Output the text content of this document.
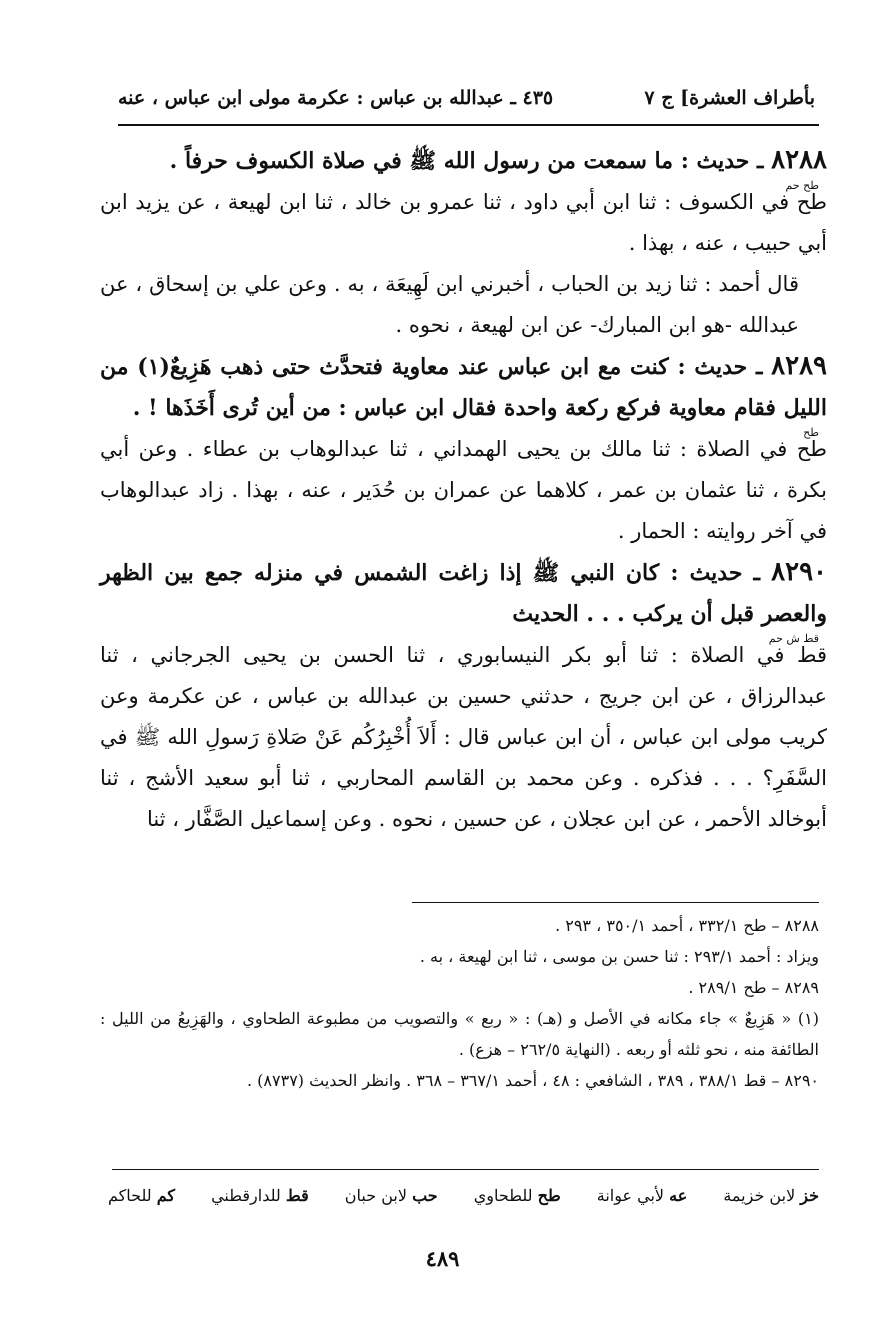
بأطراف العشرة] ج ٧
٤٣٥ ـ عبدالله بن عباس : عكرمة مولى ابن عباس ، عنه

٨٢٨٨ ـ حديث : ما سمعت من رسول الله ﷺ في صلاة الكسوف حرفاً .

طح حم

طح في الكسوف : ثنا ابن أبي داود ، ثنا عمرو بن خالد ، ثنا ابن لهيعة ، عن يزيد ابن أبي حبيب ، عنه ، بهذا .

قال أحمد : ثنا زيد بن الحباب ، أخبرني ابن لَهِيعَة ، به . وعن علي بن إسحاق ، عن عبدالله -هو ابن المبارك- عن ابن لهيعة ، نحوه .

٨٢٨٩ ـ حديث : كنت مع ابن عباس عند معاوية فتحدَّث حتى ذهب هَزِيعٌ(١) من الليل فقام معاوية فركع ركعة واحدة فقال ابن عباس : من أين تُرى أَخَذَها ! .

طح

طح في الصلاة : ثنا مالك بن يحيى الهمداني ، ثنا عبدالوهاب بن عطاء . وعن أبي بكرة ، ثنا عثمان بن عمر ، كلاهما عن عمران بن حُدَير ، عنه ، بهذا . زاد عبدالوهاب في آخر روايته : الحمار .

٨٢٩٠ ـ حديث : كان النبي ﷺ إذا زاغت الشمس في منزله جمع بين الظهر والعصر قبل أن يركب . . . الحديث

قط ش حم

قط في الصلاة : ثنا أبو بكر النيسابوري ، ثنا الحسن بن يحيى الجرجاني ، ثنا عبدالرزاق ، عن ابن جريج ، حدثني حسين بن عبدالله بن عباس ، عن عكرمة وعن كريب مولى ابن عباس ، أن ابن عباس قال : أَلاَ أُخْبِرُكُم عَنْ صَلاةِ رَسولِ الله ﷺ في السَّفَرِ؟ . . . فذكره . وعن محمد بن القاسم المحاربي ، ثنا أبو سعيد الأشج ، ثنا أبوخالد الأحمر ، عن ابن عجلان ، عن حسين ، نحوه . وعن إسماعيل الصَّفَّار ، ثنا

٨٢٨٨ – طح ٣٣٢/١ ، أحمد ٣٥٠/١ ، ٢٩٣ .

ويزاد : أحمد ٢٩٣/١ : ثنا حسن بن موسى ، ثنا ابن لهيعة ، به .

٨٢٨٩ – طح ٢٨٩/١ .

(١) « هَزِيعٌ » جاء مكانه في الأصل و (هـ) : « ربع » والتصويب من مطبوعة الطحاوي ، والهَزِيعُ من الليل : الطائفة منه ، نحو ثلثه أو ربعه . (النهاية ٢٦٢/٥ – هزع) .

٨٢٩٠ – قط ٣٨٨/١ ، ٣٨٩ ، الشافعي : ٤٨ ، أحمد ٣٦٧/١ – ٣٦٨ . وانظر الحديث (٨٧٣٧) .

خز لابن خزيمة
عه لأبي عوانة
طح للطحاوي
حب لابن حبان
قط للدارقطني
كم للحاكم
٤٨٩
